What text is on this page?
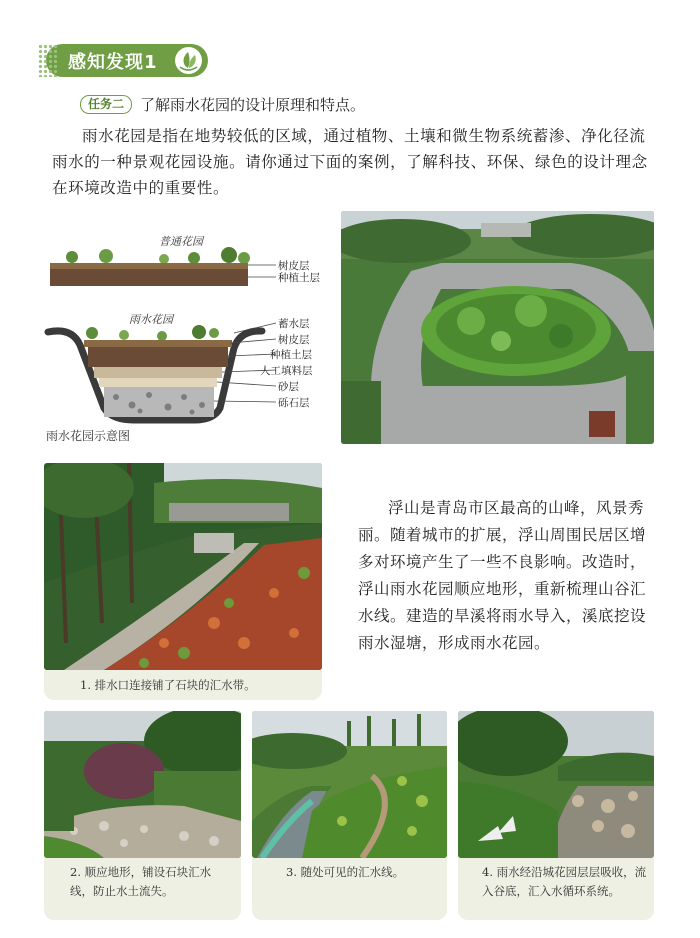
感知发现1
任务二	了解雨水花园的设计原理和特点。
雨水花园是指在地势较低的区域，通过植物、土壤和微生物系统蓄渗、净化径流雨水的一种景观花园设施。请你通过下面的案例，了解科技、环保、绿色的设计理念在环境改造中的重要性。
普通花园
树皮层
种植土层
雨水花园	蓄水层
树皮层
种植土层
人工填料层
砂层
砾石层
雨水花园示意图
1. 排水口连接铺了石块的汇水带。
浮山是青岛市区最高的山峰，风景秀丽。随着城市的扩展，浮山周围民居区增多对环境产生了一些不良影响。改造时，浮山雨水花园顺应地形，重新梳理山谷汇水线。建造的旱溪将雨水导入，溪底挖设雨水湿塘，形成雨水花园。
2. 顺应地形，铺设石块汇水线，防止水土流失。
3. 随处可见的汇水线。	4. 雨水经沿城花园层层吸收，流入谷底，汇入水循环系统。
